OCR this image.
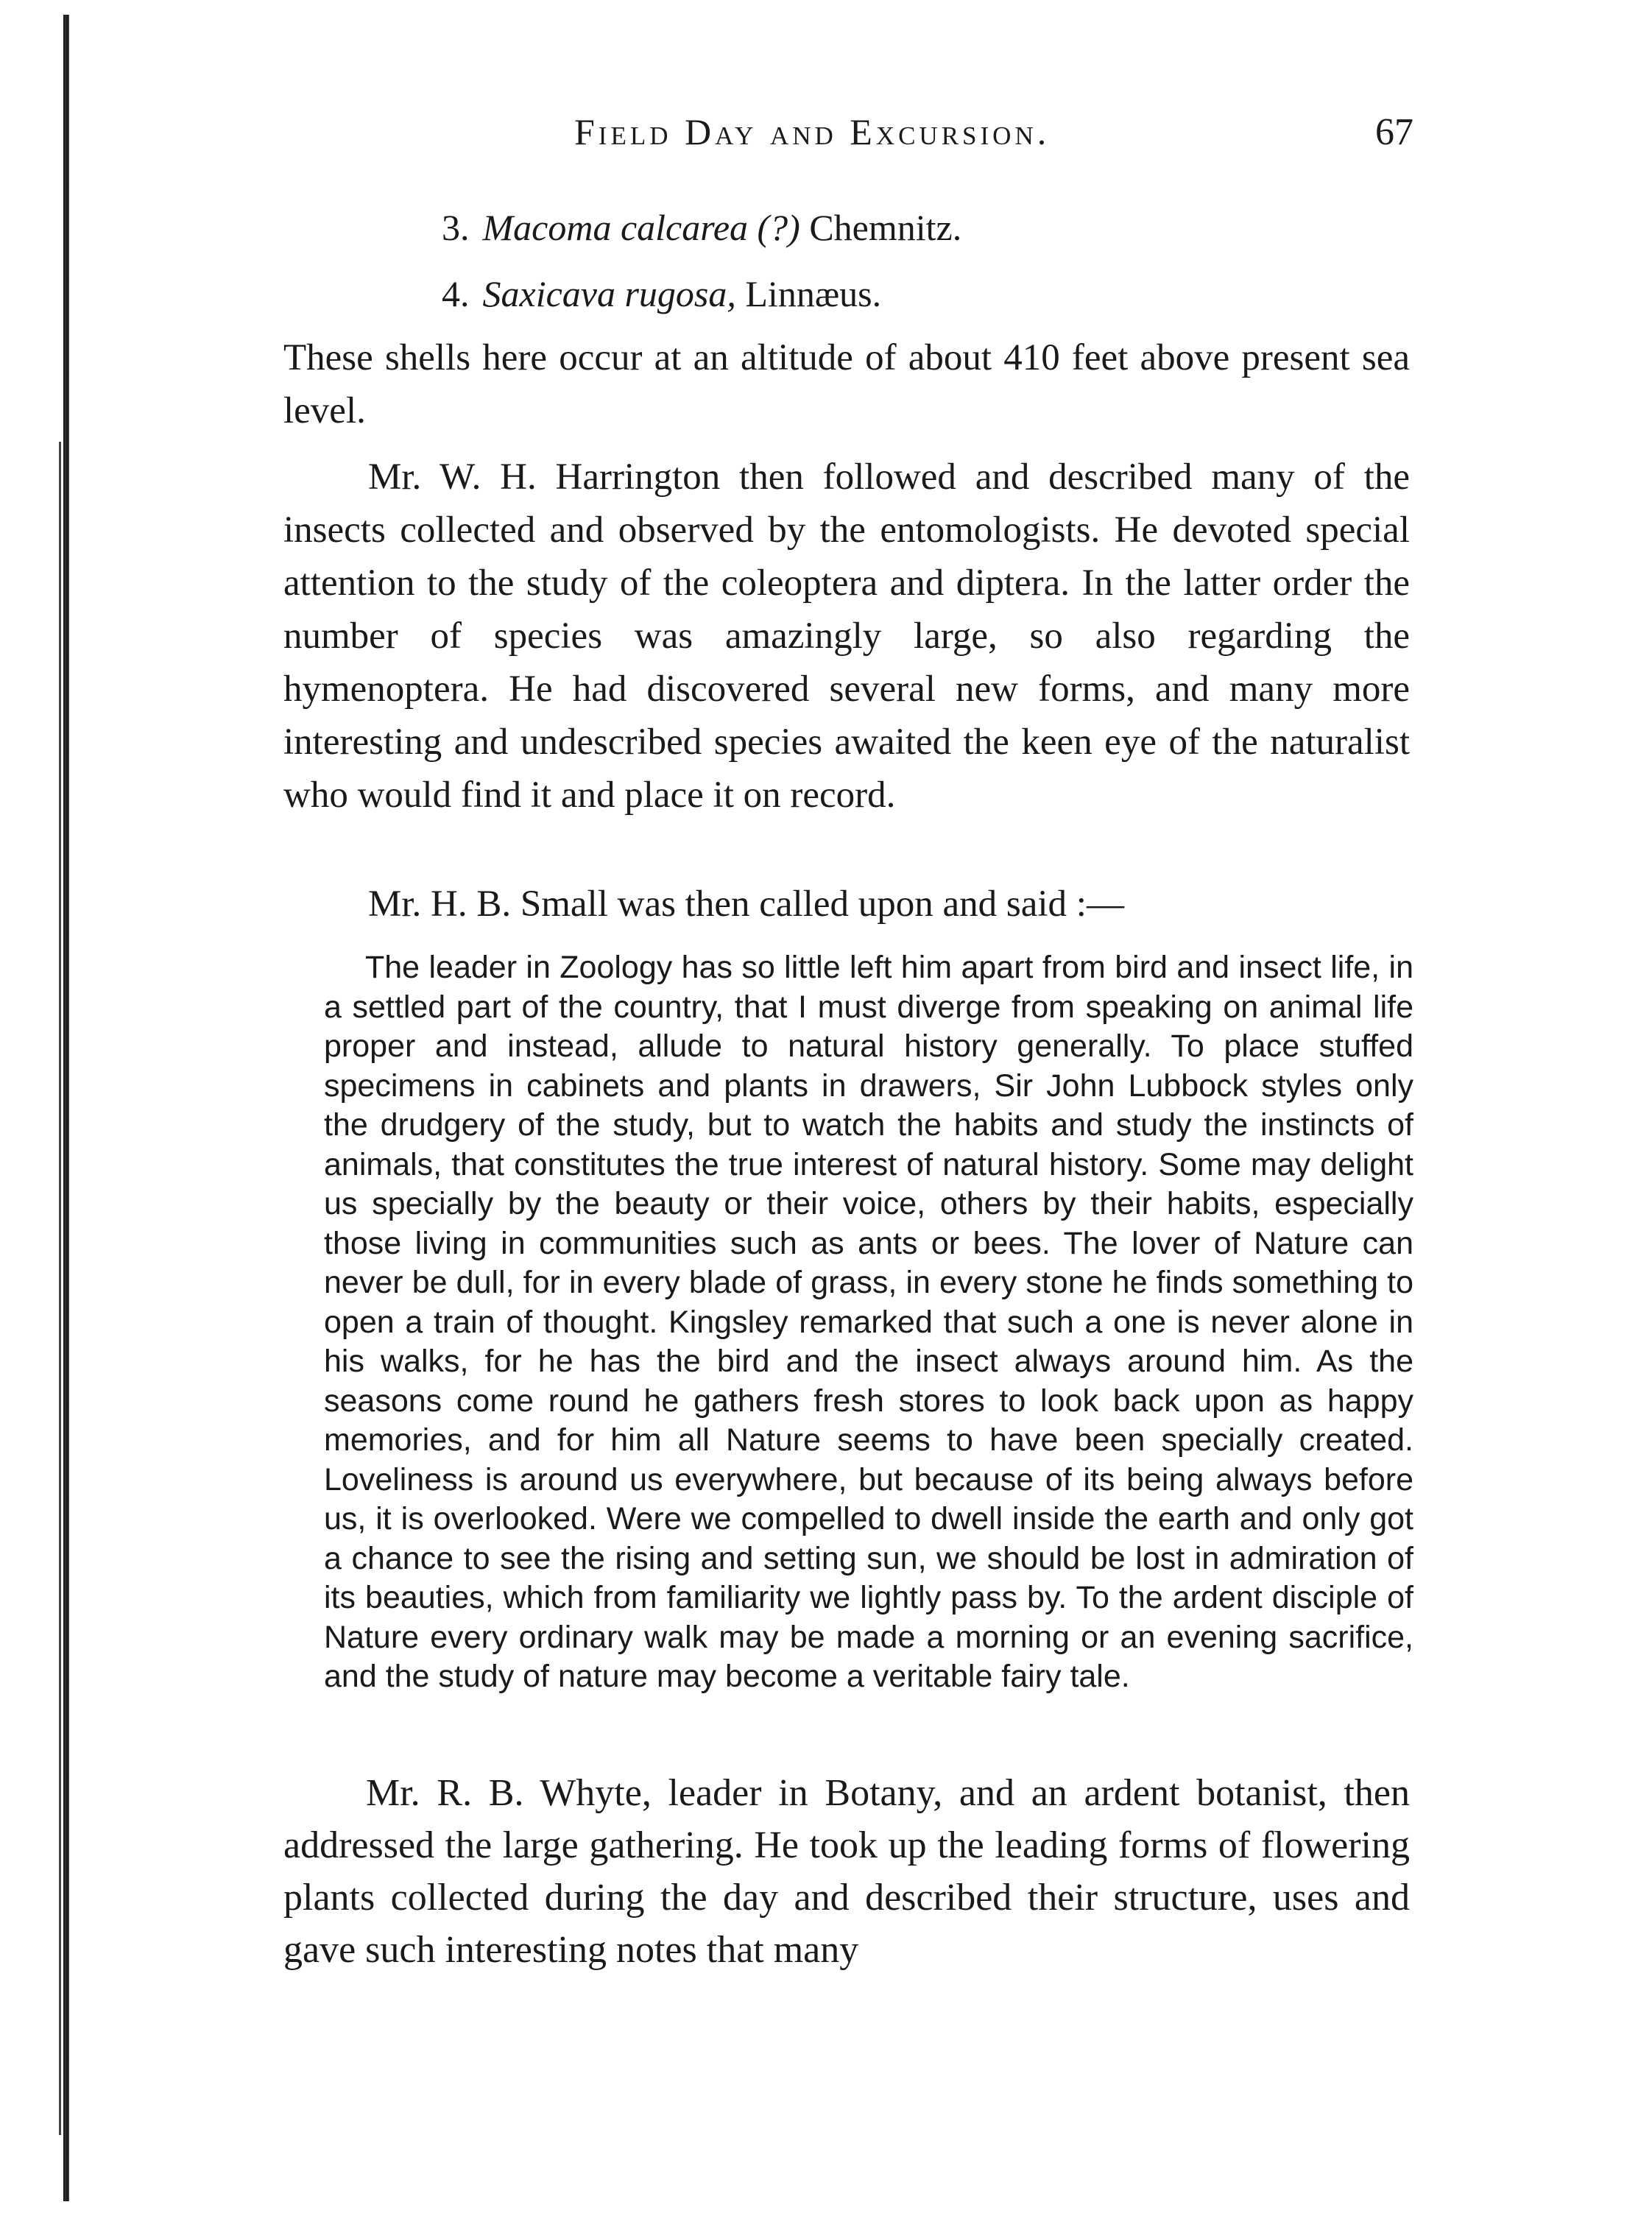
Field Day and Excursion.	67
3. Macoma calcarea (?) Chemnitz.
4. Saxicava rugosa, Linnæus.

These shells here occur at an altitude of about 410 feet above present sea level.

Mr. W. H. Harrington then followed and described many of the insects collected and observed by the entomologists. He devoted special attention to the study of the coleoptera and diptera. In the latter order the number of species was amazingly large, so also regarding the hymenoptera. He had discovered several new forms, and many more interesting and undescribed species awaited the keen eye of the naturalist who would find it and place it on record.

Mr. H. B. Small was then called upon and said :—

The leader in Zoology has so little left him apart from bird and insect life, in a settled part of the country, that I must diverge from speaking on animal life proper and instead, allude to natural history generally. To place stuffed specimens in cabinets and plants in drawers, Sir John Lubbock styles only the drudgery of the study, but to watch the habits and study the instincts of animals, that constitutes the true interest of natural history. Some may delight us specially by the beauty or their voice, others by their habits, especially those living in communities such as ants or bees. The lover of Nature can never be dull, for in every blade of grass, in every stone he finds something to open a train of thought. Kingsley remarked that such a one is never alone in his walks, for he has the bird and the insect always around him. As the seasons come round he gathers fresh stores to look back upon as happy memories, and for him all Nature seems to have been specially created. Loveliness is around us everywhere, but because of its being always before us, it is overlooked. Were we compelled to dwell inside the earth and only got a chance to see the rising and setting sun, we should be lost in admiration of its beauties, which from familiarity we lightly pass by. To the ardent disciple of Nature every ordinary walk may be made a morning or an evening sacrifice, and the study of nature may become a veritable fairy tale.

Mr. R. B. Whyte, leader in Botany, and an ardent botanist, then addressed the large gathering. He took up the leading forms of flowering plants collected during the day and described their structure, uses and gave such interesting notes that many
